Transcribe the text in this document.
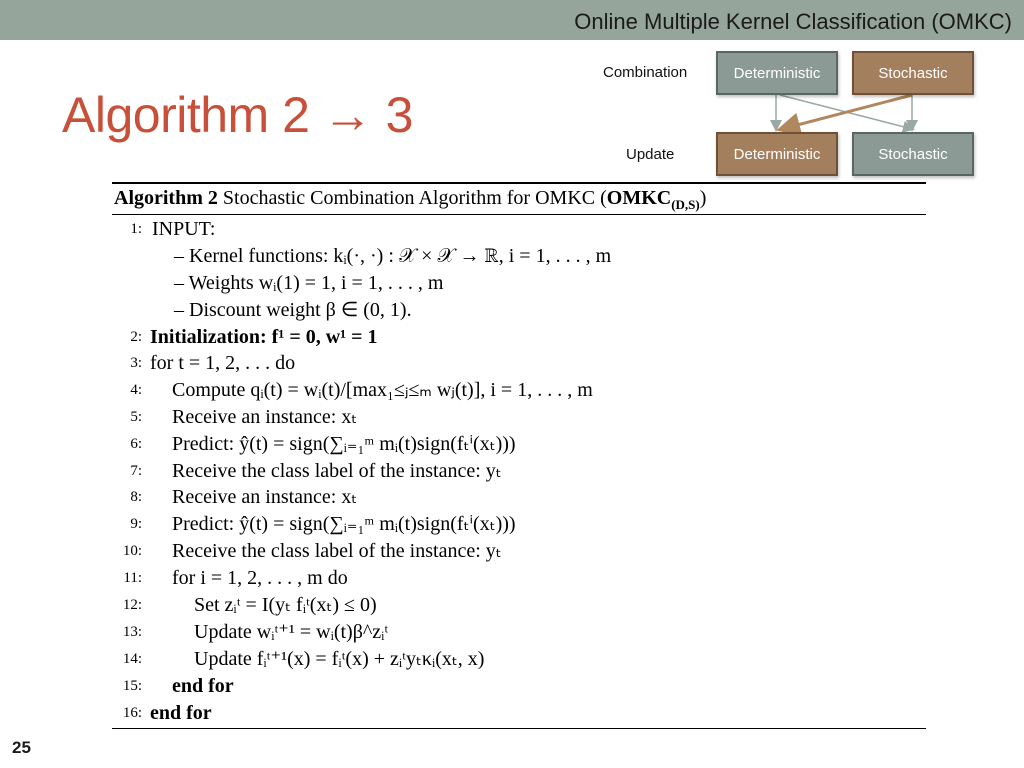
Online Multiple Kernel Classification (OMKC)
Algorithm 2 → 3
Combination
Update
Deterministic	Stochastic
Deterministic	Stochastic
Algorithm 2 Stochastic Combination Algorithm for OMKC $(OMKC_{(D,S)})$
1: INPUT:
– Kernel functions: kᵢ(·, ·) : 𝒳 × 𝒳 → ℝ, i = 1, . . . , m
– Weights wᵢ(1) = 1, i = 1, . . . , m
– Discount weight β ∈ (0, 1).
2: Initialization: f¹ = 0, w¹ = 1
3: for t = 1, 2, . . . do
4: Compute qᵢ(t) = wᵢ(t)/[max₁≤ⱼ≤ₘ wⱼ(t)], i = 1, . . . , m
5: Receive an instance: xₜ
6: Predict: ŷ(t) = sign(∑ᵢ₌₁ᵐ mᵢ(t)sign(fₜⁱ(xₜ)))
7: Receive the class label of the instance: yₜ
8: Receive an instance: xₜ
9: Predict: ŷ(t) = sign(∑ᵢ₌₁ᵐ mᵢ(t)sign(fₜⁱ(xₜ)))
10: Receive the class label of the instance: yₜ
11: for i = 1, 2, . . . , m do
12:	Set zᵢᵗ = I(yₜ fᵢᵗ(xₜ) ≤ 0)
13:	Update wᵢᵗ⁺¹ = wᵢ(t)β^zᵢᵗ
14:	Update fᵢᵗ⁺¹(x) = fᵢᵗ(x) + zᵢᵗyₜκᵢ(xₜ, x)
15: end for
16: end for
25
